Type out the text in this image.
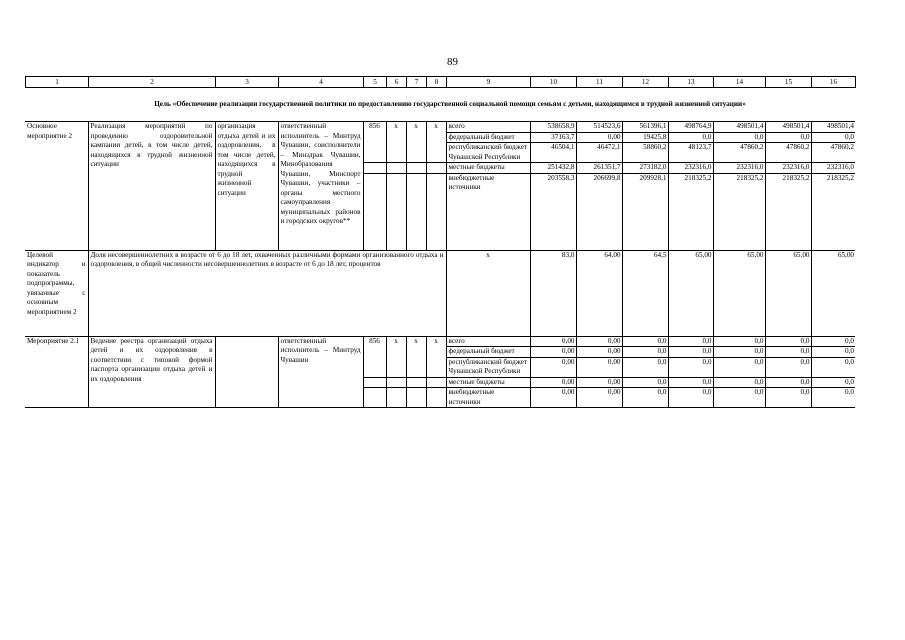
89
1	2	3	4	5	6	7	8	9	10	11	12	13	14	15	16
Цель «Обеспечение реализации государственной политики по предоставлению государственной социальной помощи семьям с детьми, находящимся в трудной жизненной ситуации»
Основное мероприятие 2	Реализация мероприятий по проведению оздоровительной кампании детей, в том числе детей, находящихся в трудной жизненной ситуации	организация отдыха детей и их оздоровления, в том числе детей, находящихся в трудной жизненной ситуации	ответственный исполнитель – Минтруд Чувашии, соисполнители – Минздрав Чувашии, Минобразования Чувашии, Минспорт Чувашии, участники – органы местного самоуправления муниципальных районов и городских округов**	856	x	x	x	всего	538658,9	514523,6	561396,1	498764,9	498501,4	498501,4	498501,4
								федеральный бюджет	37163,7	0,00	19425,8	0,0	0,0	0,0	0,0
								республиканский бюджет Чувашской Республики	46504,1	46472,1	58860,2	48123,7	47860,2	47860,2	47860,2
								местные бюджеты	251432,8	261351,7	273182,0	232316,0	232316,0	232316,0	232316,0
								внебюджетные источники	203558,3	206699,8	209928,1	218325,2	218325,2	218325,2	218325,2
Целевой индикатор и показатель подпрограммы, увязанные с основным мероприятием 2	Доля несовершеннолетних в возрасте от 6 до 18 лет, охваченных различными формами организованного отдыха и оздоровления, в общей численности несовершеннолетних в возрасте от 6 до 18 лет, процентов							х	83,0	64,00	64,5	65,00	65,00	65,00	65,00
Мероприятие 2.1	Ведение реестра организаций отдыха детей и их оздоровления в соответствии с типовой формой паспорта организации отдыха детей и их оздоровления		ответственный исполнитель – Минтруд Чувашии	856	x	x	x	всего	0,00	0,00	0,0	0,0	0,0	0,0	0,0
								федеральный бюджет	0,00	0,00	0,0	0,0	0,0	0,0	0,0
								республиканский бюджет Чувашской Республики	0,00	0,00	0,0	0,0	0,0	0,0	0,0
								местные бюджеты	0,00	0,00	0,0	0,0	0,0	0,0	0,0
								внебюджетные источники	0,00	0,00	0,0	0,0	0,0	0,0	0,0
